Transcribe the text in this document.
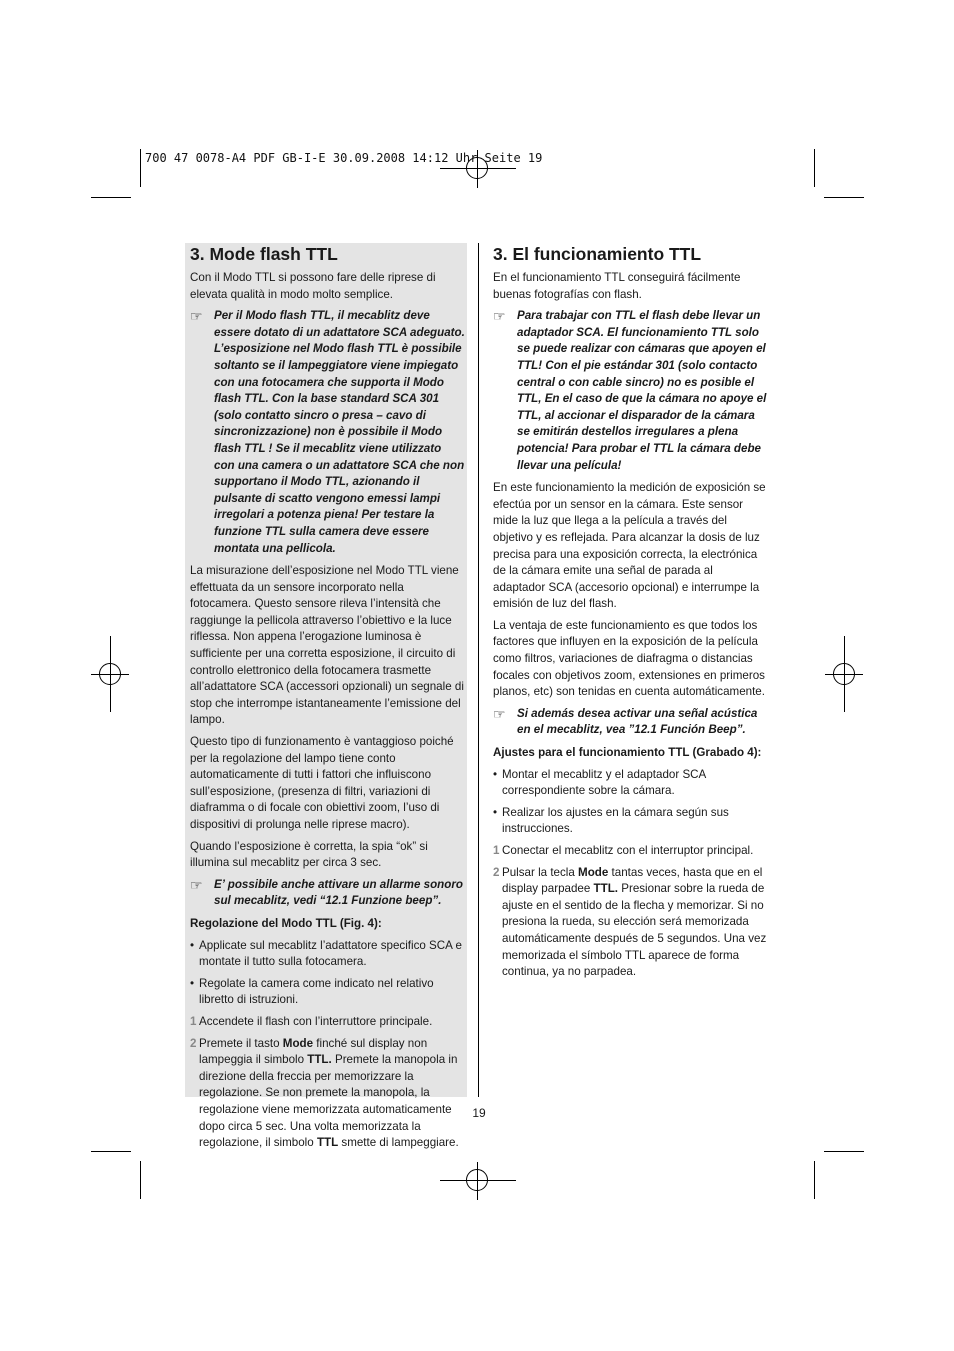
700 47 0078-A4 PDF GB-I-E 30.09.2008 14:12 Uhr Seite 19
3. Mode flash TTL

Con il Modo TTL si possono fare delle riprese di elevata qualità in modo molto semplice.

☞ Per il Modo flash TTL, il mecablitz deve essere dotato di un adattatore SCA adeguato. L’esposizione nel Modo flash TTL è possibile soltanto se il lampeggiatore viene impiegato con una fotocamera che supporta il Modo flash TTL. Con la base standard SCA 301 (solo contatto sincro o presa – cavo di sincronizzazione) non è possibile il Modo flash TTL ! Se il mecablitz viene utilizzato con una camera o un adattatore SCA che non supportano il Modo TTL, azionando il pulsante di scatto vengono emessi lampi irregolari a potenza piena! Per testare la funzione TTL sulla camera deve essere montata una pellicola.

La misurazione dell’esposizione nel Modo TTL viene effettuata da un sensore incorporato nella fotocamera. Questo sensore rileva l’intensità che raggiunge la pellicola attraverso l’obiettivo e la luce riflessa. Non appena l’erogazione luminosa è sufficiente per una corretta esposizione, il circuito di controllo elettronico della fotocamera trasmette all’adattatore SCA (accessori opzionali) un segnale di stop che interrompe istantaneamente l’emissione del lampo.

Questo tipo di funzionamento è vantaggioso poiché per la regolazione del lampo tiene conto automaticamente di tutti i fattori che influiscono sull’esposizione, (presenza di filtri, variazioni di diaframma o di focale con obiettivi zoom, l’uso di dispositivi di prolunga nelle riprese macro).

Quando l’esposizione è corretta, la spia “ok” si illumina sul mecablitz per circa 3 sec.

☞ E’ possibile anche attivare un allarme sonoro sul mecablitz, vedi “12.1 Funzione beep”.
Regolazione del Modo TTL (Fig. 4):
• Applicate sul mecablitz l’adattatore specifico SCA e montate il tutto sulla fotocamera.
• Regolate la camera come indicato nel relativo libretto di istruzioni.
1 Accendete il flash con l’interruttore principale.
2 Premete il tasto Mode finché sul display non lampeggia il simbolo TTL. Premete la manopola in direzione della freccia per memorizzare la regolazione. Se non premete la manopola, la regolazione viene memorizzata automaticamente dopo circa 5 sec. Una volta memorizzata la regolazione, il simbolo TTL smette di lampeggiare.
3. El funcionamiento TTL

En el funcionamiento TTL conseguirá fácilmente buenas fotografías con flash.

☞ Para trabajar con TTL el flash debe llevar un adaptador SCA. El funcionamiento TTL solo se puede realizar con cámaras que apoyen el TTL! Con el pie estándar 301 (solo contacto central o con cable sincro) no es posible el TTL, En el caso de que la cámara no apoye el TTL, al accionar el disparador de la cámara se emitirán destellos irregulares a plena potencia! Para probar el TTL la cámara debe llevar una película!

En este funcionamiento la medición de exposición se efectúa por un sensor en la cámara. Este sensor mide la luz que llega a la película a través del objetivo y es reflejada. Para alcanzar la dosis de luz precisa para una exposición correcta, la electrónica de la cámara emite una señal de parada al adaptador SCA (accesorio opcional) e interrumpe la emisión de luz del flash.

La ventaja de este funcionamiento es que todos los factores que influyen en la exposición de la película como filtros, variaciones de diafragma o distancias focales con objetivos zoom, extensiones en primeros planos, etc) son tenidas en cuenta automáticamente.

☞ Si además desea activar una señal acústica en el mecablitz, vea ”12.1 Función Beep”.
Ajustes para el funcionamiento TTL (Grabado 4):
• Montar el mecablitz y el adaptador SCA correspondiente sobre la cámara.
• Realizar los ajustes en la cámara según sus instrucciones.
1 Conectar el mecablitz con el interruptor principal.
2 Pulsar la tecla Mode tantas veces, hasta que en el display parpadee TTL. Presionar sobre la rueda de ajuste en el sentido de la flecha y memorizar. Si no presiona la rueda, su elección será memorizada automáticamente después de 5 segundos. Una vez memorizada el símbolo TTL aparece de forma continua, ya no parpadea.
19
